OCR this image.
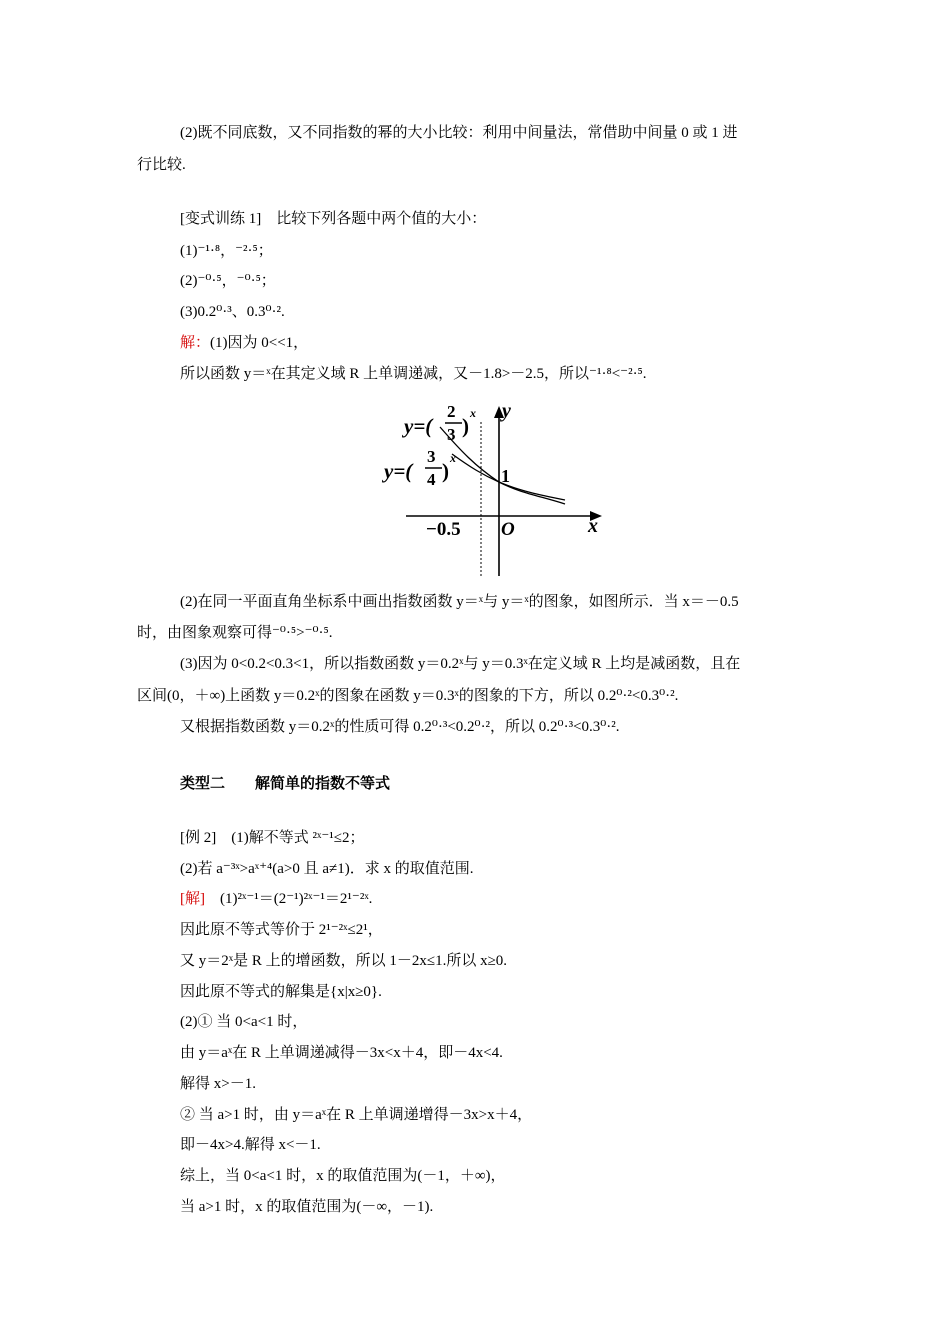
(2)既不同底数，又不同指数的幂的大小比较：利用中间量法，常借助中间量 0 或 1 进
行比较.
[变式训练 1]　比较下列各题中两个值的大小：
(1)⁻¹·⁸，⁻²·⁵；
(2)⁻⁰·⁵，⁻⁰·⁵；
(3)0.2⁰·³、0.3⁰·².
解：(1)因为 0<<1，
所以函数 y＝ˣ在其定义域 R 上单调递减，又－1.8>－2.5，所以⁻¹·⁸<⁻²·⁵.
y=(
2
3 )
x
y=(
3
4 )
x
y
x
1
−0.5 O
(2)在同一平面直角坐标系中画出指数函数 y＝ˣ与 y＝ˣ的图象，如图所示．当 x＝－0.5
时，由图象观察可得⁻⁰·⁵>⁻⁰·⁵.
(3)因为 0<0.2<0.3<1，所以指数函数 y＝0.2ˣ与 y＝0.3ˣ在定义域 R 上均是减函数，且在
区间(0，＋∞)上函数 y＝0.2ˣ的图象在函数 y＝0.3ˣ的图象的下方，所以 0.2⁰·²<0.3⁰·².
又根据指数函数 y＝0.2ˣ的性质可得 0.2⁰·³<0.2⁰·²，所以 0.2⁰·³<0.3⁰·².
类型二　　解简单的指数不等式
[例 2]　(1)解不等式 ²ˣ⁻¹≤2；
(2)若 a⁻³ˣ>aˣ⁺⁴(a>0 且 a≠1)．求 x 的取值范围.
[解]　 (1)²ˣ⁻¹＝(2⁻¹)²ˣ⁻¹＝2¹⁻²ˣ.
因此原不等式等价于 2¹⁻²ˣ≤2¹，
又 y＝2ˣ是 R 上的增函数，所以 1－2x≤1.所以 x≥0.
因此原不等式的解集是{x|x≥0}.
(2)① 当 0<a<1 时，
由 y＝aˣ在 R 上单调递减得－3x<x＋4，即－4x<4.
解得 x>－1.
② 当 a>1 时，由 y＝aˣ在 R 上单调递增得－3x>x＋4，
即－4x>4.解得 x<－1.
综上，当 0<a<1 时，x 的取值范围为(－1，＋∞)，
当 a>1 时，x 的取值范围为(－∞，－1).
